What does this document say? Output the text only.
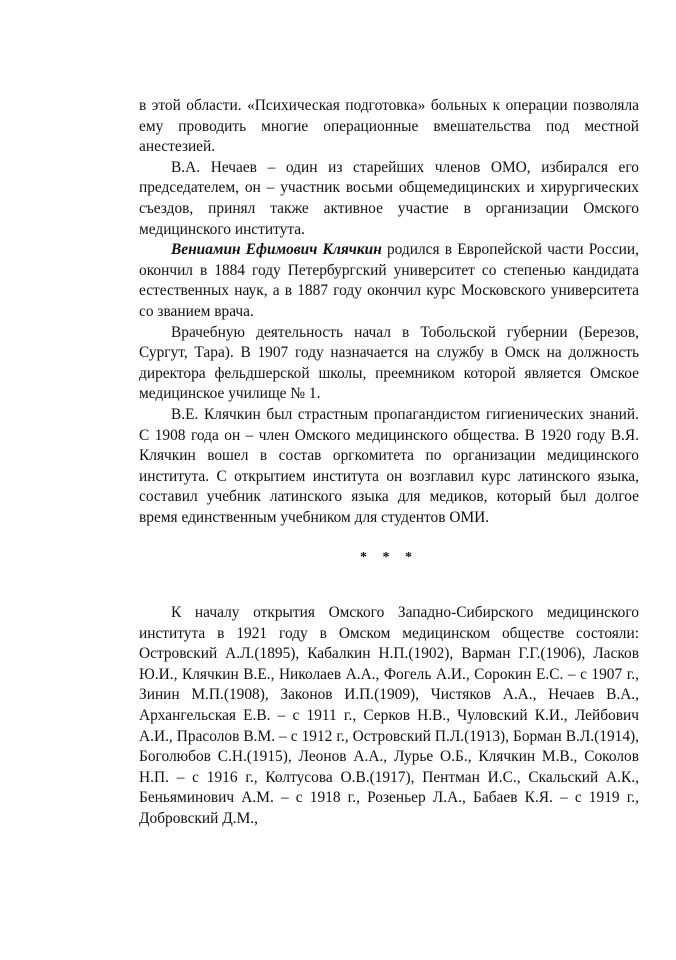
в этой области. «Психическая подготовка» больных к операции позволяла ему проводить многие операционные вмешательства под местной анестезией.

В.А. Нечаев – один из старейших членов ОМО, избирался его председателем, он – участник восьми общемедицинских и хирургических съездов, принял также активное участие в организации Омского медицинского института.

Вениамин Ефимович Клячкин родился в Европейской части России, окончил в 1884 году Петербургский университет со степенью кандидата естественных наук, а в 1887 году окончил курс Московского университета со званием врача.

Врачебную деятельность начал в Тобольской губернии (Березов, Сургут, Тара). В 1907 году назначается на службу в Омск на должность директора фельдшерской школы, преемником которой является Омское медицинское училище № 1.

В.Е. Клячкин был страстным пропагандистом гигиенических знаний. С 1908 года он – член Омского медицинского общества. В 1920 году В.Я. Клячкин вошел в состав оргкомитета по организации медицинского института. С открытием института он возглавил курс латинского языка, составил учебник латинского языка для медиков, который был долгое время единственным учебником для студентов ОМИ.

* * *

К началу открытия Омского Западно-Сибирского медицинского института в 1921 году в Омском медицинском обществе состояли: Островский А.Л.(1895), Кабалкин Н.П.(1902), Варман Г.Г.(1906), Ласков Ю.И., Клячкин В.Е., Николаев А.А., Фогель А.И., Сорокин Е.С. – с 1907 г., Зинин М.П.(1908), Законов И.П.(1909), Чистяков А.А., Нечаев В.А., Архангельская Е.В. – с 1911 г., Серков Н.В., Чуловский К.И., Лейбович А.И., Прасолов В.М. – с 1912 г., Островский П.Л.(1913), Борман В.Л.(1914), Боголюбов С.Н.(1915), Леонов А.А., Лурье О.Б., Клячкин М.В., Соколов Н.П. – с 1916 г., Колтусова О.В.(1917), Пентман И.С., Скальский А.К., Беньяминович А.М. – с 1918 г., Розеньер Л.А., Бабаев К.Я. – с 1919 г., Добровский Д.М.,
